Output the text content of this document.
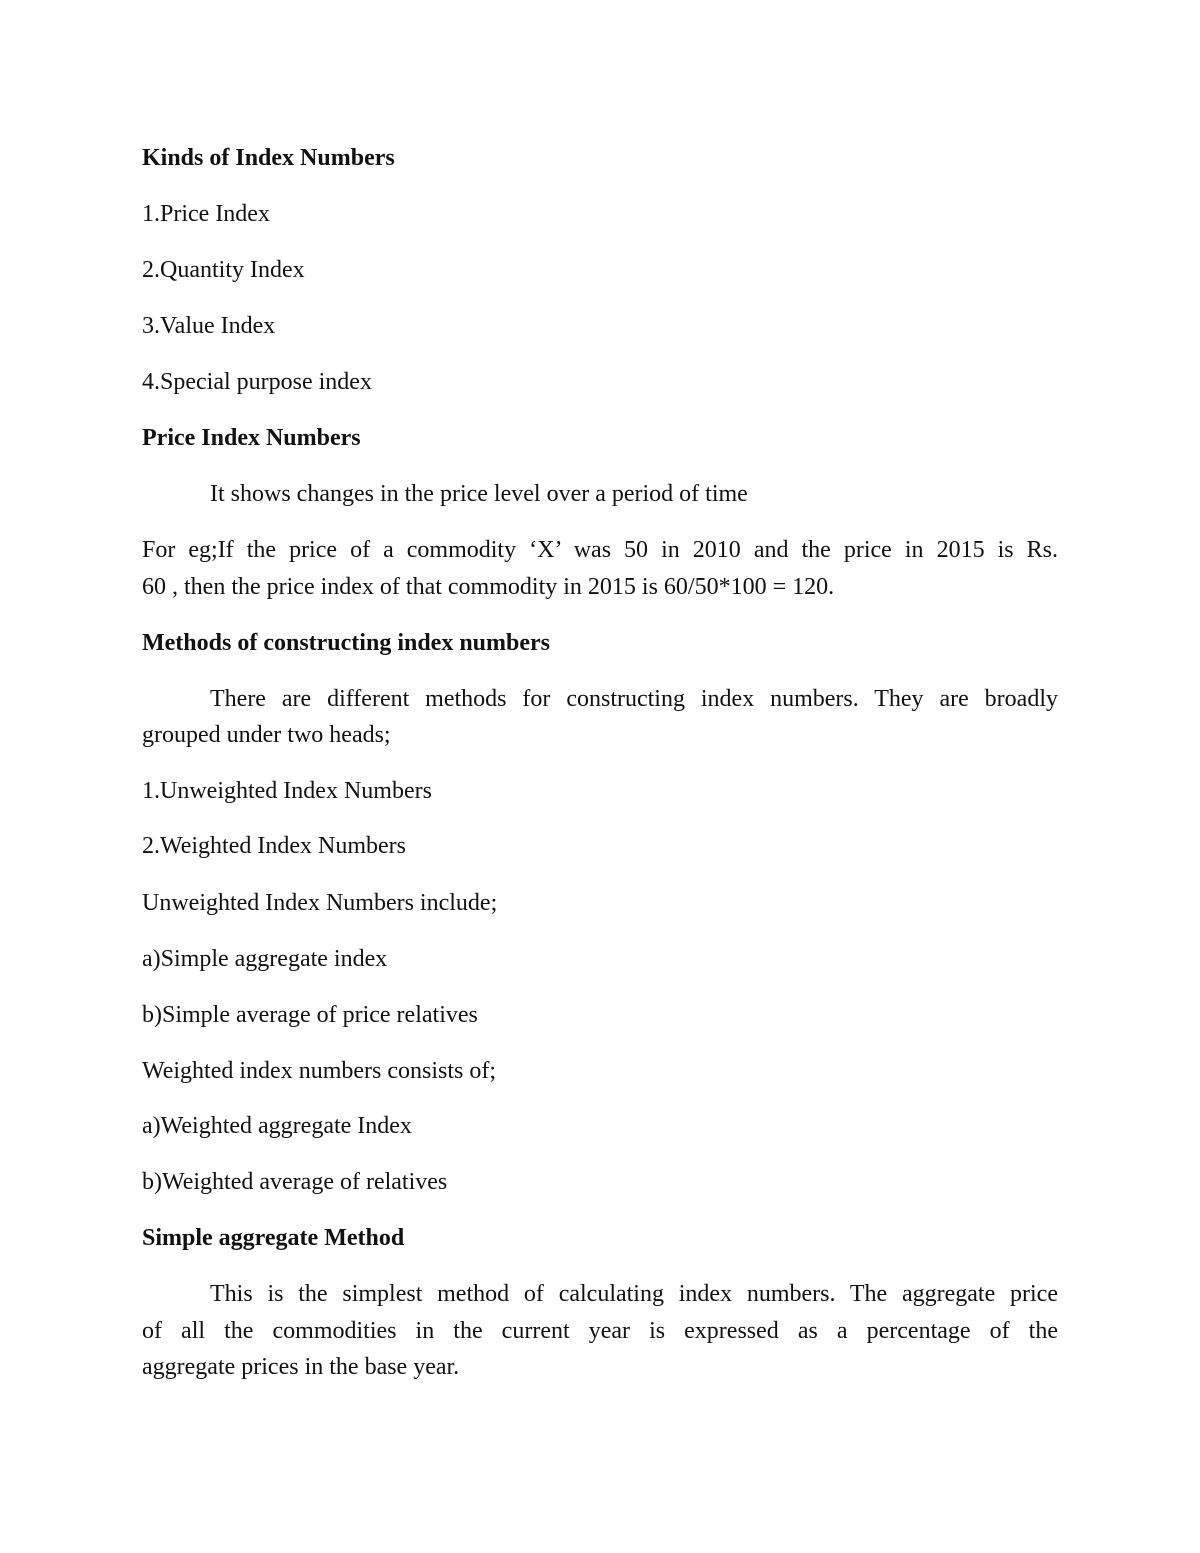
Kinds of Index Numbers
1.Price Index
2.Quantity Index
3.Value Index
4.Special purpose index
Price Index Numbers
It shows changes in the price level over a period of time
For eg;If the price of a commodity ‘X’ was 50 in 2010 and the price in 2015 is Rs.
60 , then the price index of that commodity in 2015 is 60/50*100 = 120.
Methods of constructing index numbers
There are different methods for constructing index numbers. They are broadly
grouped under two heads;
1.Unweighted Index Numbers
2.Weighted Index Numbers
Unweighted Index Numbers include;
a)Simple aggregate index
b)Simple average of price relatives
Weighted index numbers consists of;
a)Weighted aggregate Index
b)Weighted average of relatives
Simple aggregate Method
This is the simplest method of calculating index numbers. The aggregate price
of all the commodities in the current year is expressed as a percentage of the
aggregate prices in the base year.
